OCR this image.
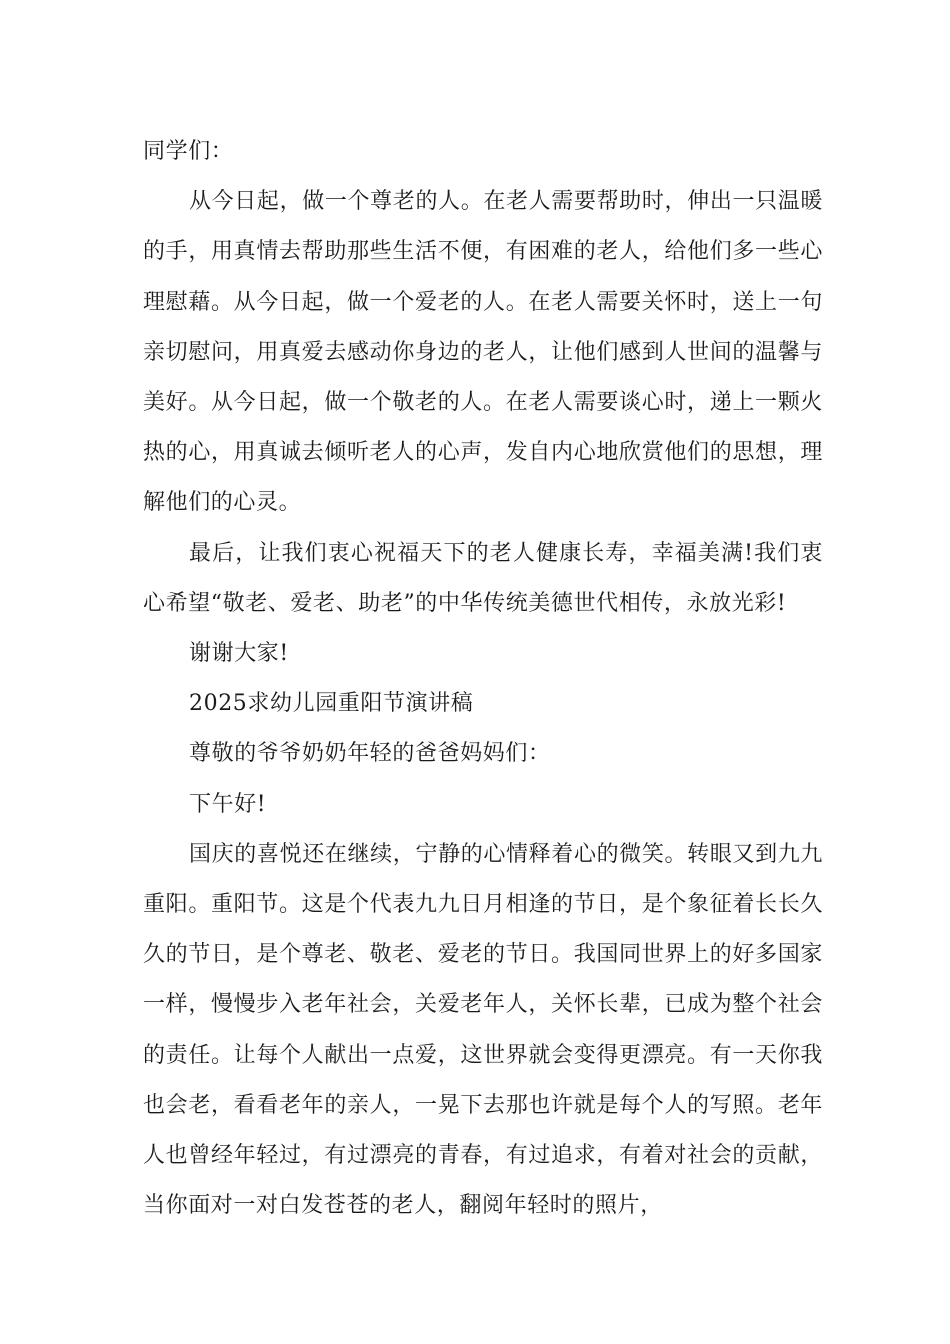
同学们：

从今日起，做一个尊老的人。在老人需要帮助时，伸出一只温暖的手，用真情去帮助那些生活不便，有困难的老人，给他们多一些心理慰藉。从今日起，做一个爱老的人。在老人需要关怀时，送上一句亲切慰问，用真爱去感动你身边的老人，让他们感到人世间的温馨与美好。从今日起，做一个敬老的人。在老人需要谈心时，递上一颗火热的心，用真诚去倾听老人的心声，发自内心地欣赏他们的思想，理解他们的心灵。

最后，让我们衷心祝福天下的老人健康长寿，幸福美满!我们衷心希望“敬老、爱老、助老”的中华传统美德世代相传，永放光彩!

谢谢大家!

2025求幼儿园重阳节演讲稿

尊敬的爷爷奶奶年轻的爸爸妈妈们：

下午好!

国庆的喜悦还在继续，宁静的心情释着心的微笑。转眼又到九九重阳。重阳节。这是个代表九九日月相逢的节日，是个象征着长长久久的节日，是个尊老、敬老、爱老的节日。我国同世界上的好多国家一样，慢慢步入老年社会，关爱老年人，关怀长辈，已成为整个社会的责任。让每个人献出一点爱，这世界就会变得更漂亮。有一天你我也会老，看看老年的亲人，一晃下去那也许就是每个人的写照。老年人也曾经年轻过，有过漂亮的青春，有过追求，有着对社会的贡献，当你面对一对白发苍苍的老人，翻阅年轻时的照片，
